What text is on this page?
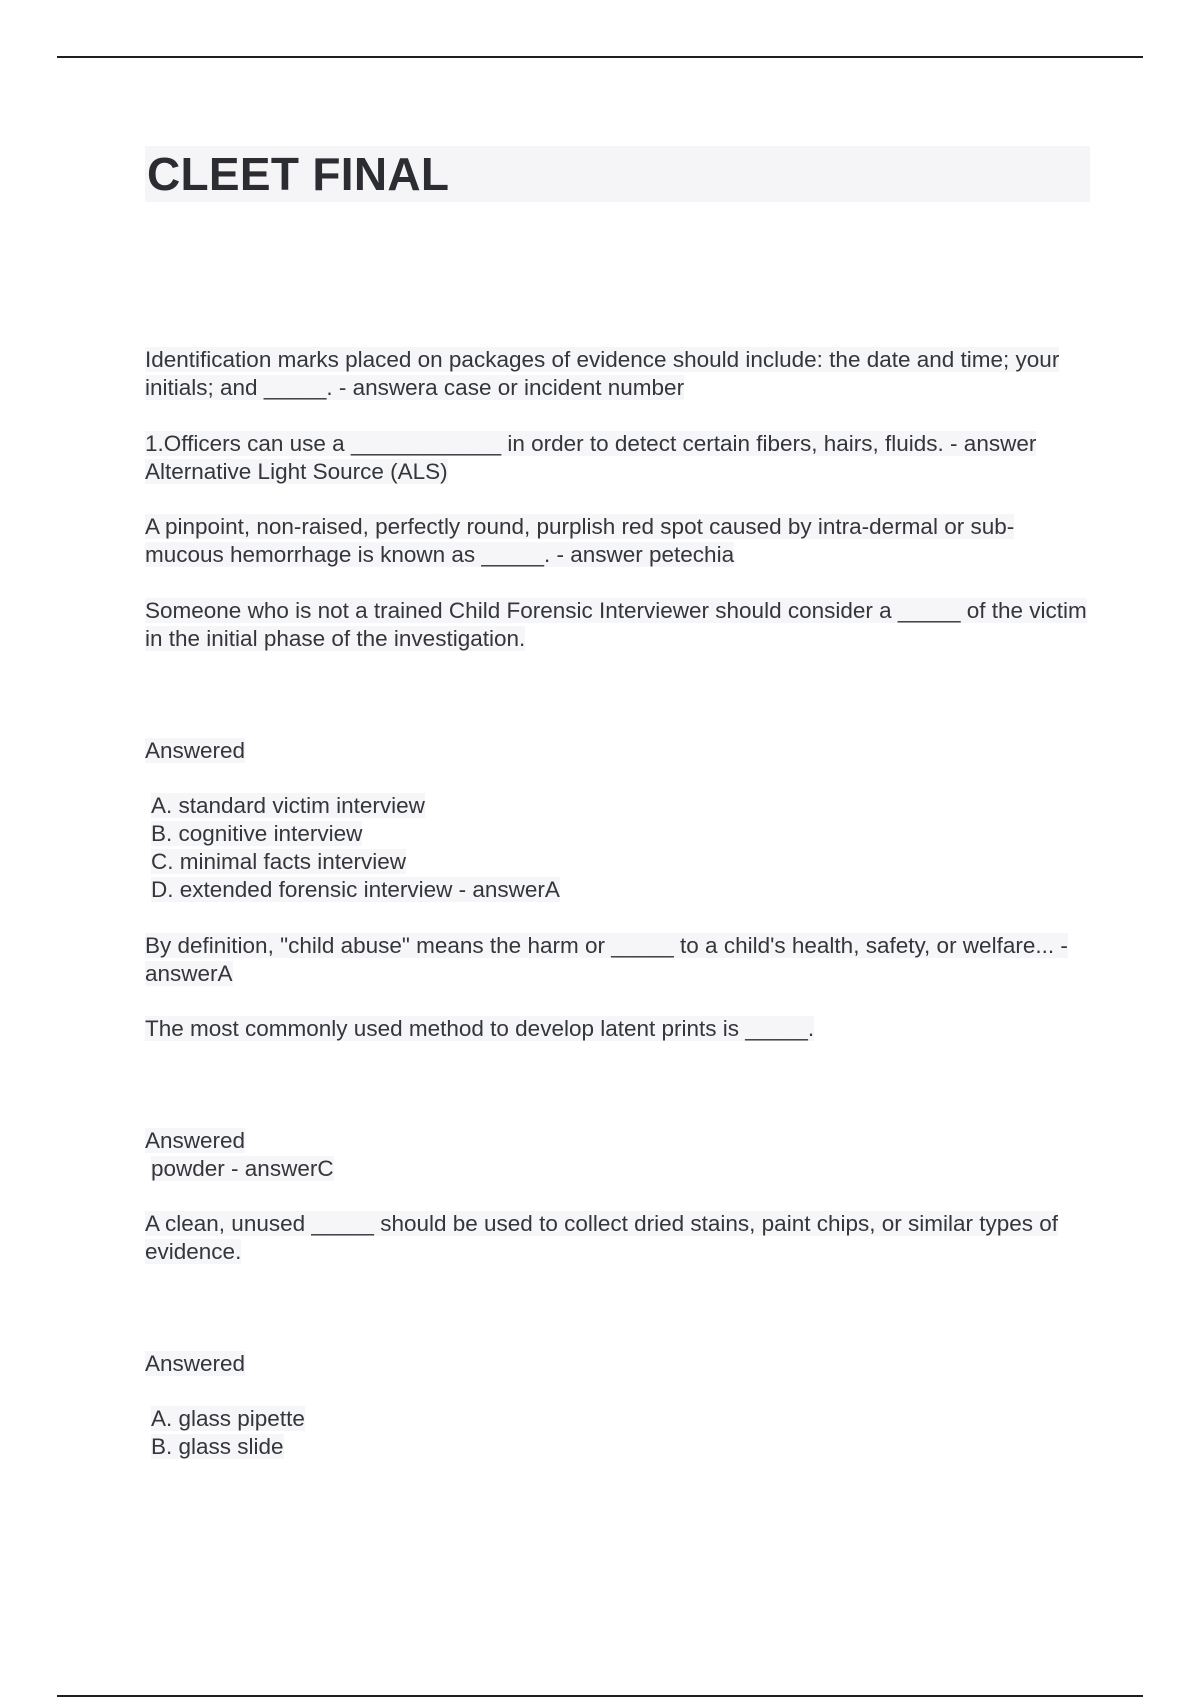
CLEET FINAL

Identification marks placed on packages of evidence should include: the date and time; your initials; and _____. - answera case or incident number

1.Officers can use a ____________ in order to detect certain fibers, hairs, fluids. - answer Alternative Light Source (ALS)

A pinpoint, non-raised, perfectly round, purplish red spot caused by intra-dermal or sub-mucous hemorrhage is known as _____. - answer petechia

Someone who is not a trained Child Forensic Interviewer should consider a _____ of the victim in the initial phase of the investigation.

Answered

A. standard victim interview
B. cognitive interview
C. minimal facts interview
D. extended forensic interview - answerA

By definition, "child abuse" means the harm or _____ to a child's health, safety, or welfare... - answerA

The most commonly used method to develop latent prints is _____.

Answered

powder - answerC

A clean, unused _____ should be used to collect dried stains, paint chips, or similar types of evidence.

Answered

A. glass pipette
B. glass slide
